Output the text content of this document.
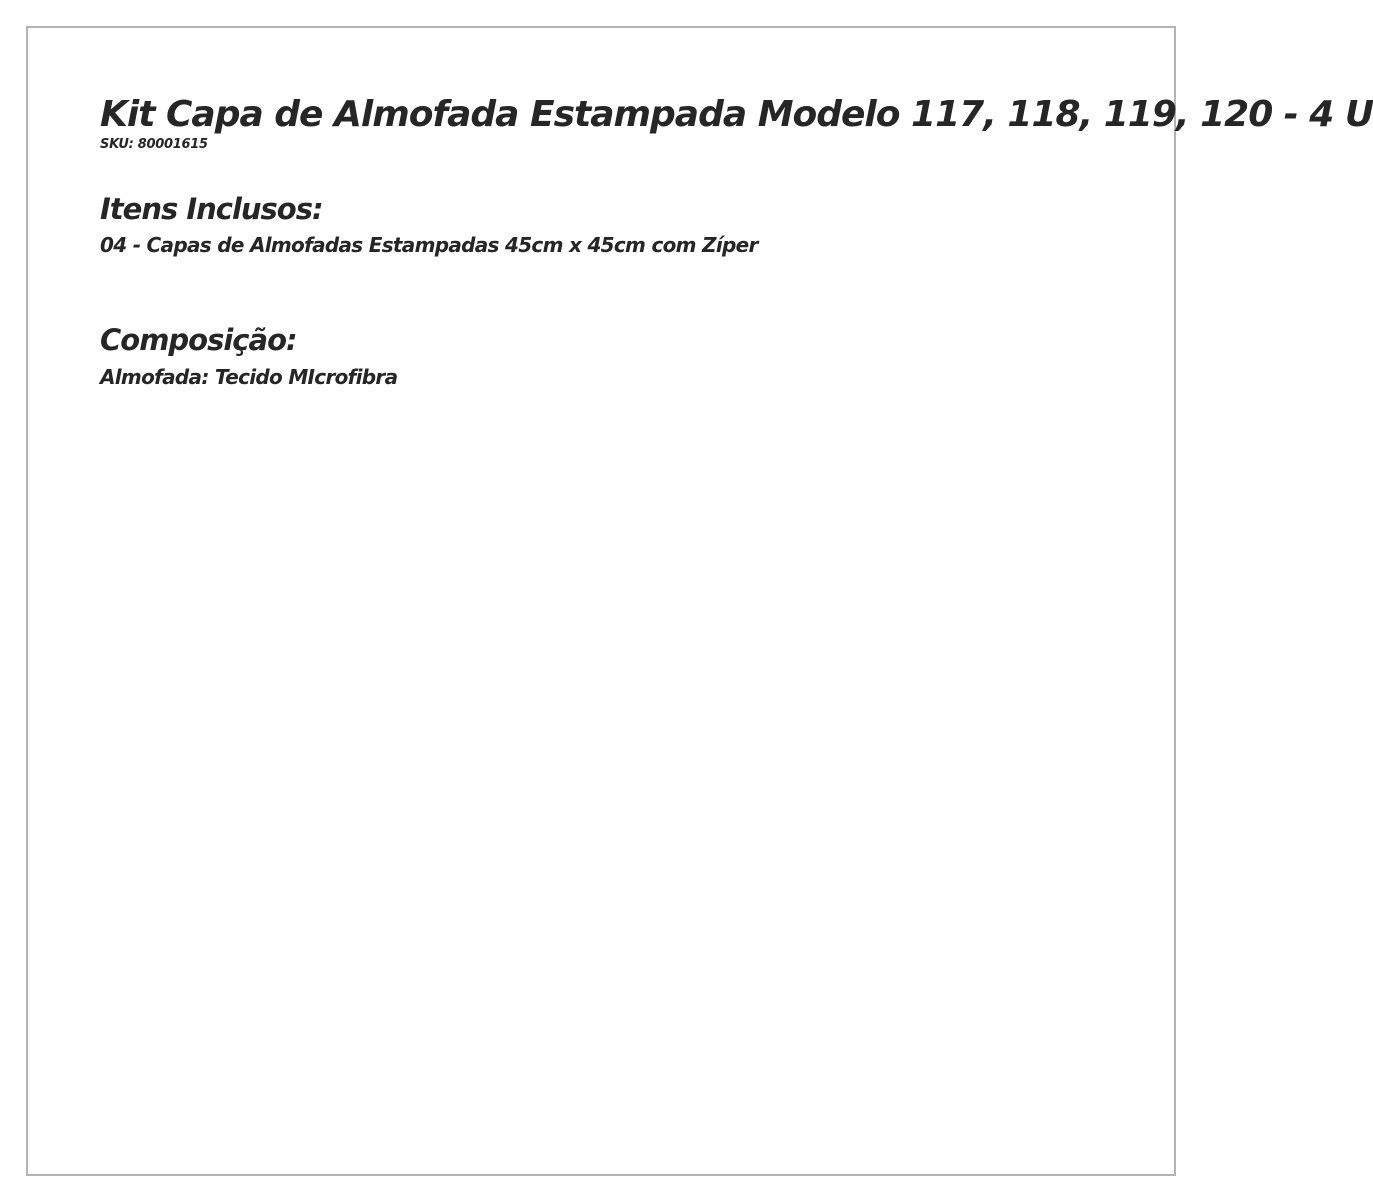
Kit Capa de Almofada Estampada Modelo 117, 118, 119, 120 - 4 U
SKU: 80001615
Itens Inclusos:
04 - Capas de Almofadas Estampadas 45cm x 45cm com Zíper
Composição:
Almofada: Tecido MIcrofibra
